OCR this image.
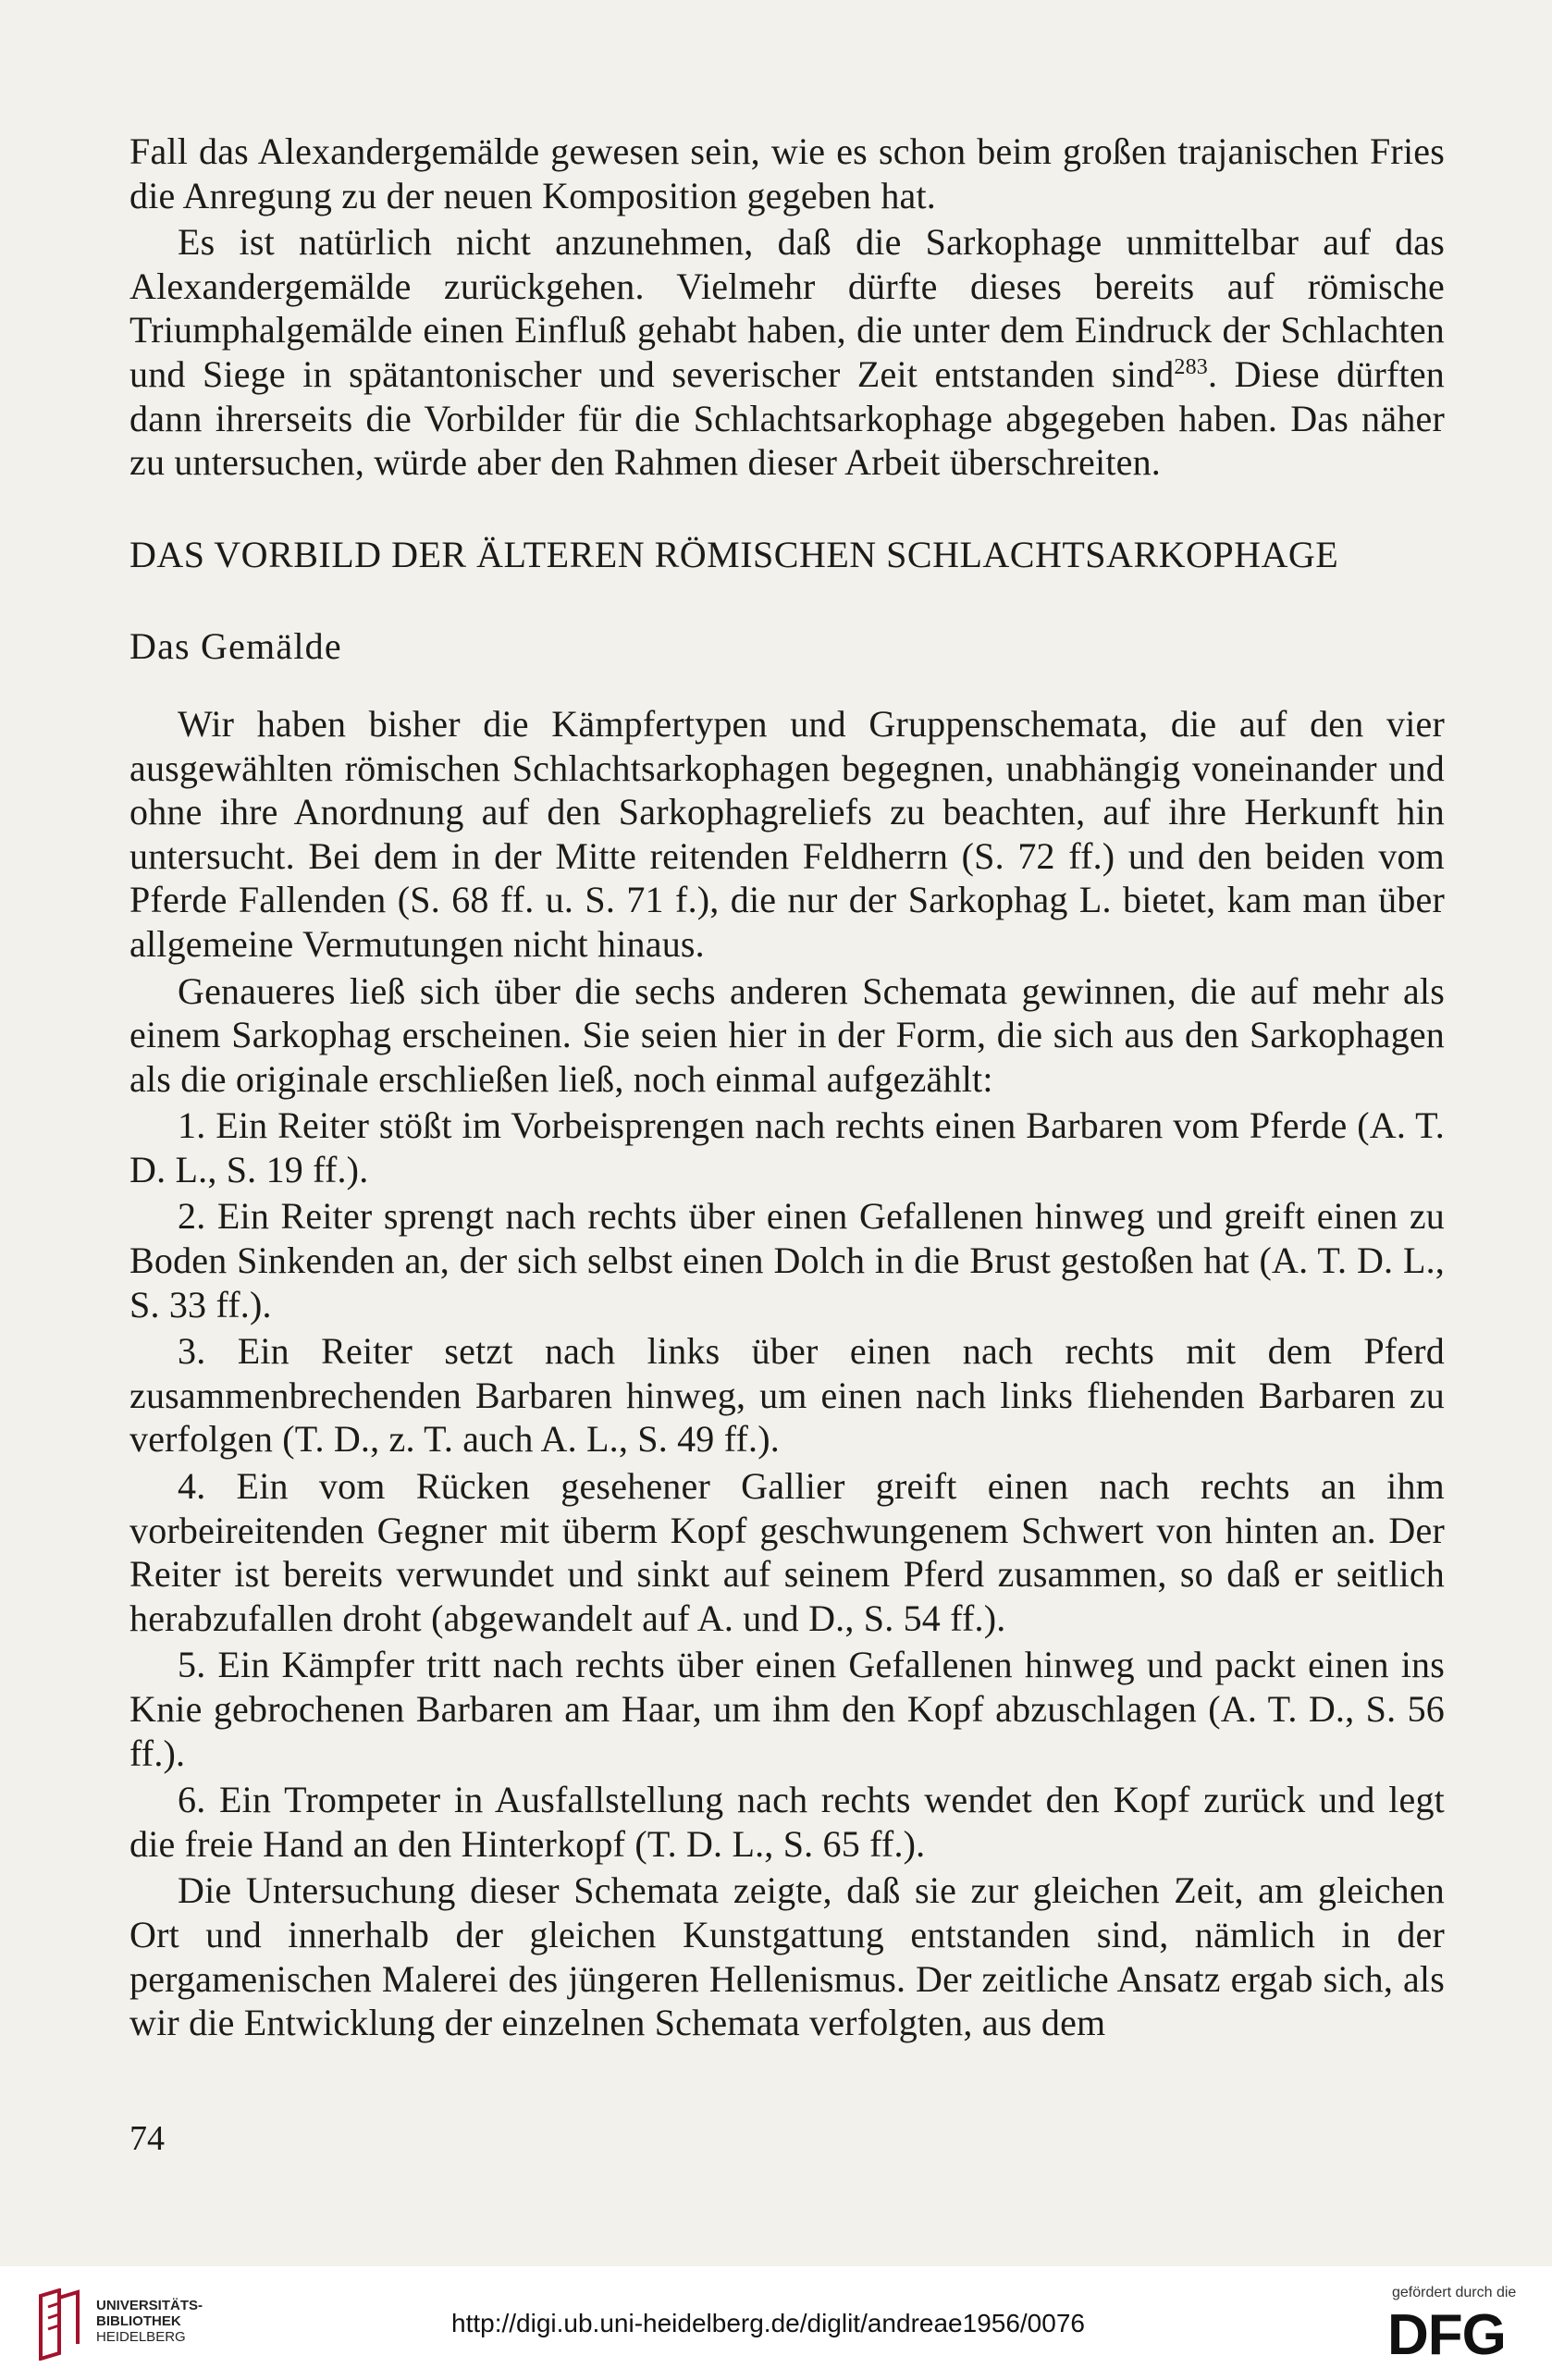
Fall das Alexandergemälde gewesen sein, wie es schon beim großen trajanischen Fries die Anregung zu der neuen Komposition gegeben hat.

Es ist natürlich nicht anzunehmen, daß die Sarkophage unmittelbar auf das Alexandergemälde zurückgehen. Vielmehr dürfte dieses bereits auf römische Triumphalgemälde einen Einfluß gehabt haben, die unter dem Eindruck der Schlachten und Siege in spätantonischer und severischer Zeit entstanden sind$^{283}$. Diese dürften dann ihrerseits die Vorbilder für die Schlachtsarkophage abgegeben haben. Das näher zu untersuchen, würde aber den Rahmen dieser Arbeit überschreiten.

DAS VORBILD DER ÄLTEREN RÖMISCHEN SCHLACHTSARKOPHAGE

Das Gemälde

Wir haben bisher die Kämpfertypen und Gruppenschemata, die auf den vier ausgewählten römischen Schlachtsarkophagen begegnen, unabhängig voneinander und ohne ihre Anordnung auf den Sarkophagreliefs zu beachten, auf ihre Herkunft hin untersucht. Bei dem in der Mitte reitenden Feldherrn (S. 72 ff.) und den beiden vom Pferde Fallenden (S. 68 ff. u. S. 71 f.), die nur der Sarkophag L. bietet, kam man über allgemeine Vermutungen nicht hinaus.

Genaueres ließ sich über die sechs anderen Schemata gewinnen, die auf mehr als einem Sarkophag erscheinen. Sie seien hier in der Form, die sich aus den Sarkophagen als die originale erschließen ließ, noch einmal aufgezählt:

1. Ein Reiter stößt im Vorbeisprengen nach rechts einen Barbaren vom Pferde (A. T. D. L., S. 19 ff.).

2. Ein Reiter sprengt nach rechts über einen Gefallenen hinweg und greift einen zu Boden Sinkenden an, der sich selbst einen Dolch in die Brust gestoßen hat (A. T. D. L., S. 33 ff.).

3. Ein Reiter setzt nach links über einen nach rechts mit dem Pferd zusammenbrechenden Barbaren hinweg, um einen nach links fliehenden Barbaren zu verfolgen (T. D., z. T. auch A. L., S. 49 ff.).

4. Ein vom Rücken gesehener Gallier greift einen nach rechts an ihm vorbeireitenden Gegner mit überm Kopf geschwungenem Schwert von hinten an. Der Reiter ist bereits verwundet und sinkt auf seinem Pferd zusammen, so daß er seitlich herabzufallen droht (abgewandelt auf A. und D., S. 54 ff.).

5. Ein Kämpfer tritt nach rechts über einen Gefallenen hinweg und packt einen ins Knie gebrochenen Barbaren am Haar, um ihm den Kopf abzuschlagen (A. T. D., S. 56 ff.).

6. Ein Trompeter in Ausfallstellung nach rechts wendet den Kopf zurück und legt die freie Hand an den Hinterkopf (T. D. L., S. 65 ff.).

Die Untersuchung dieser Schemata zeigte, daß sie zur gleichen Zeit, am gleichen Ort und innerhalb der gleichen Kunstgattung entstanden sind, nämlich in der pergamenischen Malerei des jüngeren Hellenismus. Der zeitliche Ansatz ergab sich, als wir die Entwicklung der einzelnen Schemata verfolgten, aus dem

74
UNIVERSITÄTS-
BIBLIOTHEK
HEIDELBERG	http://digi.ub.uni-heidelberg.de/diglit/andreae1956/0076
gefördert durch die
DFG
